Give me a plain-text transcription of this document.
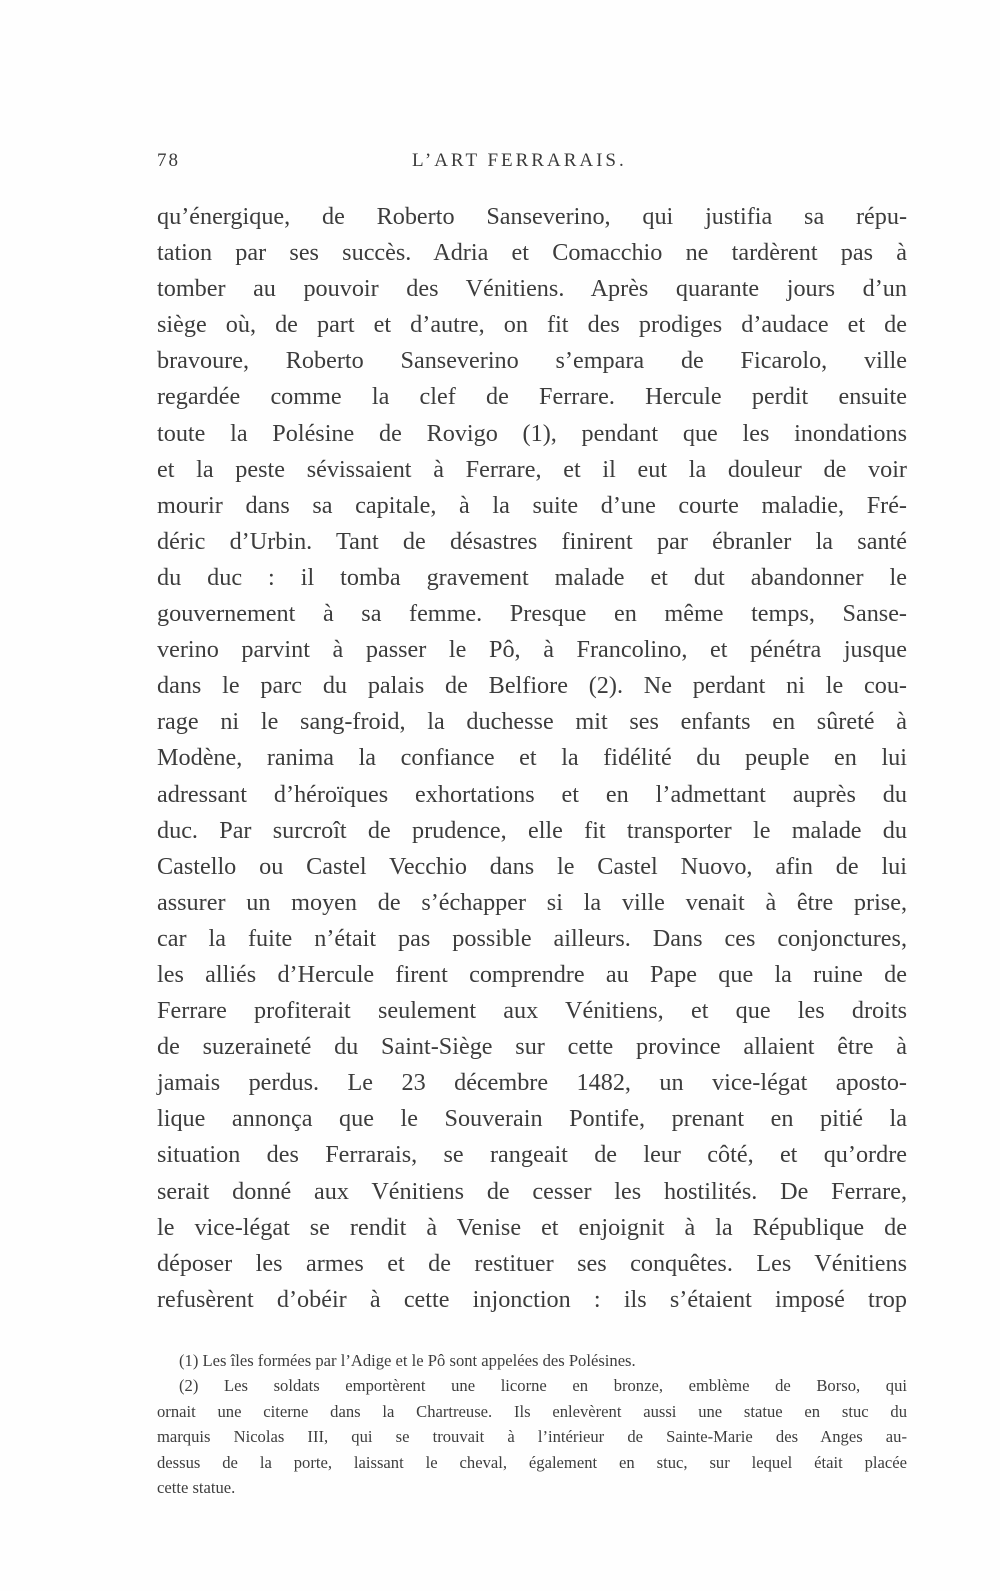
78	L’ART FERRARAIS.
qu’énergique, de Roberto Sanseverino, qui justifia sa répu-
tation par ses succès. Adria et Comacchio ne tardèrent pas à
tomber au pouvoir des Vénitiens. Après quarante jours d’un
siège où, de part et d’autre, on fit des prodiges d’audace et de
bravoure, Roberto Sanseverino s’empara de Ficarolo, ville
regardée comme la clef de Ferrare. Hercule perdit ensuite
toute la Polésine de Rovigo (1), pendant que les inondations
et la peste sévissaient à Ferrare, et il eut la douleur de voir
mourir dans sa capitale, à la suite d’une courte maladie, Fré-
déric d’Urbin. Tant de désastres finirent par ébranler la santé
du duc : il tomba gravement malade et dut abandonner le
gouvernement à sa femme. Presque en même temps, Sanse-
verino parvint à passer le Pô, à Francolino, et pénétra jusque
dans le parc du palais de Belfiore (2). Ne perdant ni le cou-
rage ni le sang-froid, la duchesse mit ses enfants en sûreté à
Modène, ranima la confiance et la fidélité du peuple en lui
adressant d’héroïques exhortations et en l’admettant auprès du
duc. Par surcroît de prudence, elle fit transporter le malade du
Castello ou Castel Vecchio dans le Castel Nuovo, afin de lui
assurer un moyen de s’échapper si la ville venait à être prise,
car la fuite n’était pas possible ailleurs. Dans ces conjonctures,
les alliés d’Hercule firent comprendre au Pape que la ruine de
Ferrare profiterait seulement aux Vénitiens, et que les droits
de suzeraineté du Saint-Siège sur cette province allaient être à
jamais perdus. Le 23 décembre 1482, un vice-légat aposto-
lique annonça que le Souverain Pontife, prenant en pitié la
situation des Ferrarais, se rangeait de leur côté, et qu’ordre
serait donné aux Vénitiens de cesser les hostilités. De Ferrare,
le vice-légat se rendit à Venise et enjoignit à la République de
déposer les armes et de restituer ses conquêtes. Les Vénitiens
refusèrent d’obéir à cette injonction : ils s’étaient imposé trop
(1) Les îles formées par l’Adige et le Pô sont appelées des Polésines.
(2) Les soldats emportèrent une licorne en bronze, emblème de Borso, qui
ornait une citerne dans la Chartreuse. Ils enlevèrent aussi une statue en stuc du
marquis Nicolas III, qui se trouvait à l’intérieur de Sainte-Marie des Anges au-
dessus de la porte, laissant le cheval, également en stuc, sur lequel était placée
cette statue.
